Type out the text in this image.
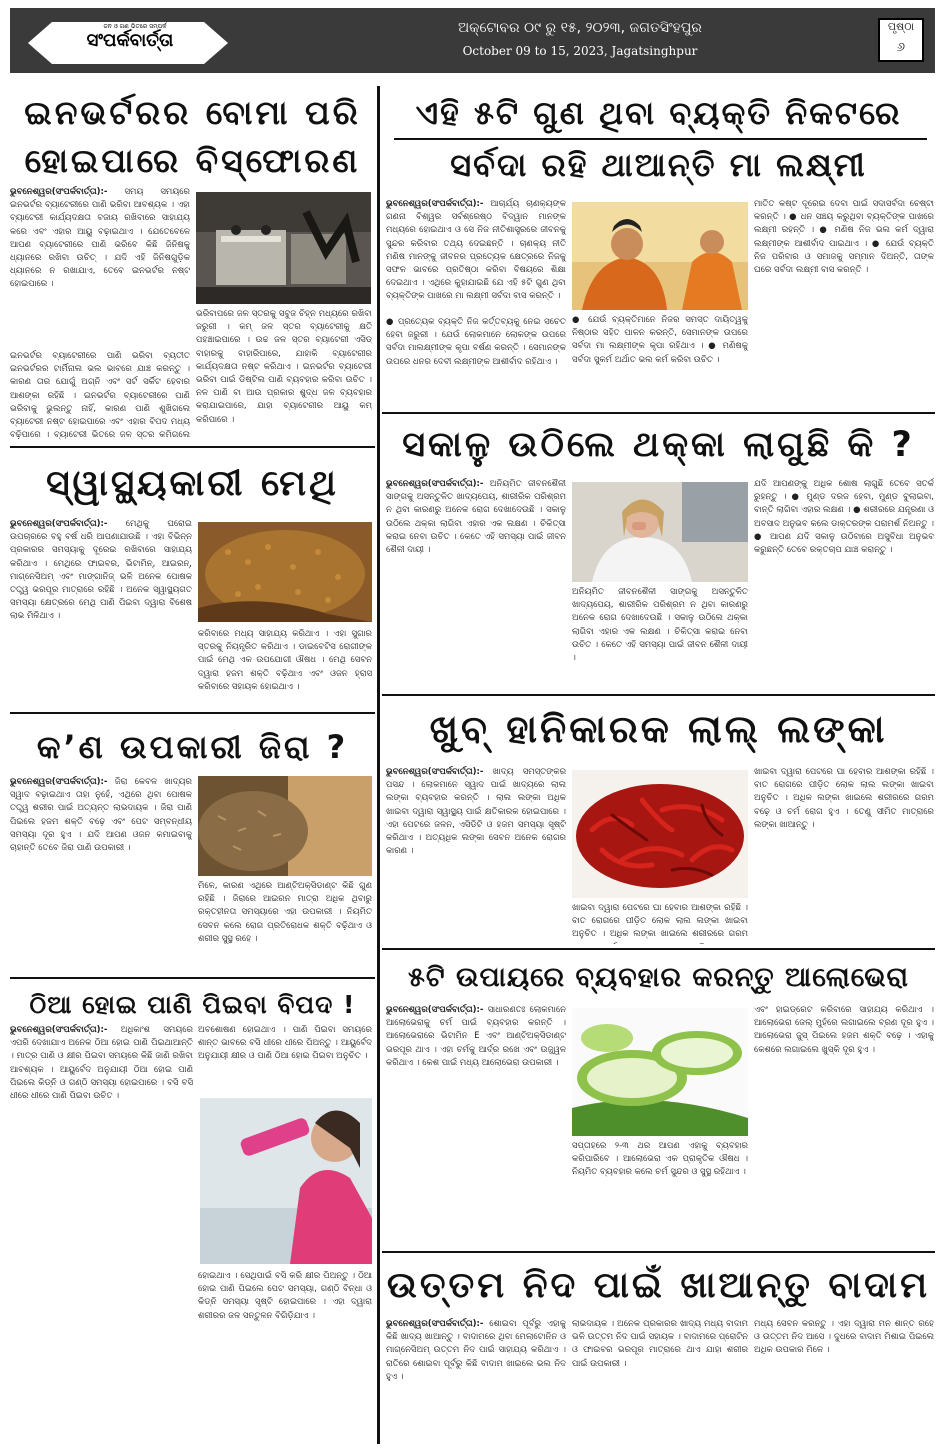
ଜନ ଓ ଗଣ ଭିତରେ ସମ୍ପର୍କ
ସଂପର୍କବାର୍ତ୍ତା
ଅକ୍ଟୋବର ୦୯ ରୁ ୧୫, ୨୦୨୩, ଜଗତସିଂହପୁର
October 09 to 15, 2023, Jagatsinghpur
ପୃଷ୍ଠା
୬
ଇନଭର୍ଟରର ବୋମା ପରି
ହୋଇପାରେ ବିସ୍ଫୋରଣ
ଭୁବନେଶ୍ୱର(ସଂପର୍କବାର୍ତ୍ତା):- ସମୟ ସମୟରେ ଇନଭର୍ଟର ବ୍ୟାଟେରୀରେ ପାଣି ଭରିବା ଆବଶ୍ୟକ । ଏହା ବ୍ୟାଟେରୀ କାର୍ଯ୍ୟଦକ୍ଷତା ବଜାୟ ରଖିବାରେ ସାହାଯ୍ୟ କରେ ଏବଂ ଏହାର ଆୟୁ ବଢ଼ାଇଥାଏ । ଯେତେବେଳେ ଆପଣ ବ୍ୟାଟେରୀରେ ପାଣି ଭରିବେ କିଛି ଜିନିଷକୁ ଧ୍ୟାନରେ ରଖିବା ଉଚିତ୍ । ଯଦି ଏହି ଜିନିଷଗୁଡ଼ିକ ଧ୍ୟାନରେ ନ ରଖାଯାଏ, ତେବେ ଇନଭର୍ଟର ନଷ୍ଟ ହୋଇପାରେ ।
ଇନଭର୍ଟର ବ୍ୟାଟେରୀରେ ପାଣି ଭରିବା ବ୍ୟତୀତ ଇନଭର୍ଟରର ଟାର୍ମିନାଲ ଭଲ ଭାବରେ ଯାଞ୍ଚ କରନ୍ତୁ । କାରଣ ତାର ଯୋଗୁଁ ଅଗ୍ନି ଏବଂ ସର୍ଟ ସର୍କିଟ ହେବାର ଆଶଙ୍କା ରହିଛି । ଇନଭର୍ଟର ବ୍ୟାଟେରୀରେ ପାଣି ଭରିବାକୁ ଭୁଲନ୍ତୁ ନାହିଁ, କାରଣ ପାଣି ଶୁଖିଗଲେ ବ୍ୟାଟେରୀ ନଷ୍ଟ ହୋଇପାରେ ଏବଂ ଏହାର ବିପଦ ମଧ୍ୟ ବଢ଼ିପାରେ । ବ୍ୟାଟେରୀ ଭିତରେ ଜଳ ସ୍ତର କମିଗଲେ
ଭରିବାପରେ ଜଳ ସ୍ତରକୁ ସବୁଜ ଚିହ୍ନ ମଧ୍ୟରେ ରଖିବା ଜରୁରୀ । କମ୍ ଜଳ ସ୍ତର ବ୍ୟାଟେରୀକୁ କ୍ଷତି ପହଞ୍ଚାଇପାରେ । ଉଚ୍ଚ ଜଳ ସ୍ତର ବ୍ୟାଟେରୀ ଏସିଡ୍ ବାହାରକୁ ବାହାରିପାରେ, ଯାହାକି ବ୍ୟାଟେରୀର କାର୍ଯ୍ୟଦକ୍ଷତା ନଷ୍ଟ କରିଥାଏ । ଇନଭର୍ଟର ବ୍ୟାଟେରୀ ଭରିବା ପାଇଁ ଡିଷ୍ଟିଲ ପାଣି ବ୍ୟବହାର କରିବା ଉଚିତ । ନଳ ପାଣି ବା ଆଉ ପ୍ରକାର ଶୁଦ୍ଧ ଜଳ ବ୍ୟବହାର କରାଯାଇପାରେ, ଯାହା ବ୍ୟାଟେରୀର ଆୟୁ କମ୍ କରିପାରେ ।
ସ୍ୱାସ୍ଥ୍ୟକାରୀ ମେଥି
ଭୁବନେଶ୍ୱର(ସଂପର୍କବାର୍ତ୍ତା):- ମେଥିକୁ ଘରୋଇ ଉପଚାରରେ ବହୁ ବର୍ଷ ଧରି ଆପଣାଯାଉଛି । ଏହା ବିଭିନ୍ନ ପ୍ରକାରର ସମସ୍ୟାକୁ ଦୂରେଇ ରଖିବାରେ ସାହାଯ୍ୟ କରିଥାଏ । ମେଥିରେ ଫାଇବର, ଭିଟାମିନ୍, ଆଇରନ୍, ମାଗ୍ନେସିଅମ୍ ଏବଂ ମାଙ୍ଗାନିଜ୍ ଭଳି ଅନେକ ପୋଷକ ତତ୍ତ୍ୱ ଭରପୂର ମାତ୍ରାରେ ରହିଛି । ଅନେକ ସ୍ୱାସ୍ଥ୍ୟଗତ ସମସ୍ୟା କ୍ଷେତ୍ରରେ ମେଥି ପାଣି ପିଇବା ଦ୍ୱାରା ବିଶେଷ ଲାଭ ମିଳିଥାଏ ।
କରିବାରେ ମଧ୍ୟ ସାହାଯ୍ୟ କରିଥାଏ । ଏହା ସୁଗାର ସ୍ତରକୁ ନିୟନ୍ତ୍ରିତ କରିଥାଏ । ଡାଇବେଟିସ ରୋଗୀଙ୍କ ପାଇଁ ମେଥି ଏକ ଉପଯୋଗୀ ଔଷଧ । ମେଥି ସେବନ ଦ୍ୱାରା ହଜମ ଶକ୍ତି ବଢ଼ିଥାଏ ଏବଂ ଓଜନ ହ୍ରାସ କରିବାରେ ସହାୟକ ହୋଇଥାଏ ।
କ’ଣ ଉପକାରୀ ଜିରା ?
ଭୁବନେଶ୍ୱର(ସଂପର୍କବାର୍ତ୍ତା):- ଜିରା କେବଳ ଖାଦ୍ୟର ସ୍ୱାଦ ବଢ଼ାଇଥାଏ ତାହା ନୁହେଁ, ଏଥିରେ ଥିବା ପୋଷକ ତତ୍ତ୍ୱ ଶରୀର ପାଇଁ ଅତ୍ୟନ୍ତ ଲାଭଦାୟକ । ଜିରା ପାଣି ପିଇଲେ ହଜମ ଶକ୍ତି ବଢ଼େ ଏବଂ ପେଟ ସମ୍ବନ୍ଧୀୟ ସମସ୍ୟା ଦୂର ହୁଏ । ଯଦି ଆପଣ ଓଜନ କମାଇବାକୁ ଚାହାନ୍ତି ତେବେ ଜିରା ପାଣି ଉପକାରୀ ।
ମିଳେ, କାରଣ ଏଥିରେ ଆଣ୍ଟିଅକ୍ସିଡାଣ୍ଟ କିଛି ଗୁଣ ରହିଛି । ଜିରାରେ ଆଇରନ ମାତ୍ରା ଅଧିକ ଥିବାରୁ ରକ୍ତହୀନତା ସମସ୍ୟାରେ ଏହା ଉପକାରୀ । ନିୟମିତ ସେବନ କଲେ ରୋଗ ପ୍ରତିରୋଧକ ଶକ୍ତି ବଢ଼ିଥାଏ ଓ ଶରୀର ସୁସ୍ଥ ରହେ ।
ଠିଆ ହୋଇ ପାଣି ପିଇବା ବିପଦ !
ଭୁବନେଶ୍ୱର(ସଂପର୍କବାର୍ତ୍ତା):- ଅଧିକାଂଶ ସମୟରେ ଏପରି ଦେଖାଯାଏ ଅନେକ ଠିଆ ହୋଇ ପାଣି ପିଇଥାଆନ୍ତି । ମାତ୍ର ପାଣି ଓ କ୍ଷୀର ପିଇବା ସମୟରେ କିଛି ଜାଣି ରଖିବା ଆବଶ୍ୟକ । ଆୟୁର୍ବେଦ ଅନୁଯାୟୀ ଠିଆ ହୋଇ ପାଣି ପିଇଲେ କିଡ୍ନି ଓ ଗଣ୍ଠି ସମସ୍ୟା ହୋଇପାରେ । ବସି ବସି ଧୀରେ ଧୀରେ ପାଣି ପିଇବା ଉଚିତ ।
ଅବଶୋଷଣ ହୋଇଥାଏ । ପାଣି ପିଇବା ସମୟରେ ଶାନ୍ତ ଭାବରେ ବସି ଧୀରେ ଧୀରେ ପିଅନ୍ତୁ । ଆୟୁର୍ବେଦ ଅନୁଯାୟୀ କ୍ଷୀର ଓ ପାଣି ଠିଆ ହୋଇ ପିଇବା ଅନୁଚିତ ।
ହୋଇଥାଏ । ସେଥିପାଇଁ ବସି କରି କ୍ଷୀର ପିଅନ୍ତୁ । ଠିଆ ହୋଇ ପାଣି ପିଇଲେ ପେଟ ସମସ୍ୟା, ଗଣ୍ଠି ବିନ୍ଧା ଓ କିଡ୍ନି ସମସ୍ୟା ସୃଷ୍ଟି ହୋଇପାରେ । ଏହା ଦ୍ୱାରା ଶରୀରର ଜଳ ସନ୍ତୁଳନ ବିଗିଡ଼ିଯାଏ ।
ଏହି ୫ଟି ଗୁଣ ଥିବା ବ୍ୟକ୍ତି ନିକଟରେ
ସର୍ବଦା ରହି ଥାଆନ୍ତି ମା ଲକ୍ଷ୍ମୀ
ଭୁବନେଶ୍ୱର(ସଂପର୍କବାର୍ତ୍ତା):- ଆଚାର୍ଯ୍ୟ ଚାଣକ୍ୟଙ୍କ ଗଣନା ବିଶ୍ୱର ସର୍ବଶ୍ରେଷ୍ଠ ବିଦ୍ୱାନ ମାନଙ୍କ ମଧ୍ୟରେ ହୋଇଥାଏ ଓ ସେ ନିଜ ନୀତିଶାସ୍ତ୍ରରେ ଜୀବନକୁ ସୁନ୍ଦର କରିବାର ତଥ୍ୟ ଦେଇଛନ୍ତି । ଚାଣକ୍ୟ ନୀତି ମଣିଷ ମାନଙ୍କୁ ଜୀବନର ପ୍ରତ୍ୟେକ କ୍ଷେତ୍ରରେ ନିଜକୁ ସଫଳ ଭାବରେ ପ୍ରତିଷ୍ଠା କରିବା ବିଷୟରେ ଶିକ୍ଷା ଦେଇଥାଏ । ଏଥିରେ କୁହାଯାଇଛି ଯେ ଏହି ୫ଟି ଗୁଣ ଥିବା ବ୍ୟକ୍ତିଙ୍କ ପାଖରେ ମା ଲକ୍ଷ୍ମୀ ସର୍ବଦା ବାସ କରନ୍ତି ।
● ପ୍ରତ୍ୟେକ ବ୍ୟକ୍ତି ନିଜ କର୍ତ୍ତବ୍ୟକୁ ନେଇ ସଚେତ ହେବା ଜରୁରୀ । ଯେଉଁ ଲୋକମାନେ ଲୋକଙ୍କ ଉପରେ ସର୍ବଦା ମାଲକ୍ଷ୍ମୀଙ୍କ କୃପା ବର୍ଷଣ କରନ୍ତି । ସେମାନଙ୍କ ଉପରେ ଧନର ଦେବୀ ଲକ୍ଷ୍ମୀଙ୍କ ଆଶୀର୍ବାଦ ରହିଥାଏ ।
● ଯେଉଁ ବ୍ୟକ୍ତିମାନେ ନିଜର ସମସ୍ତ ଦାୟିତ୍ୱକୁ ନିଷ୍ଠାର ସହିତ ପାଳନ କରନ୍ତି, ସେମାନଙ୍କ ଉପରେ ସର୍ବଦା ମା ଲକ୍ଷ୍ମୀଙ୍କ କୃପା ରହିଥାଏ । ● ମଣିଷକୁ ସର୍ବଦା ସୁକର୍ମ ଅର୍ଥାତ ଭଲ କର୍ମ କରିବା ଉଚିତ ।
ମାତିତ କଷ୍ଟ ଦୂରେଇ ଦେବା ପାଇଁ ସଦାସର୍ବଦା ଚେଷ୍ଟା କରନ୍ତି । ● ଧନ ସଞ୍ଚୟ କରୁଥିବା ବ୍ୟକ୍ତିଙ୍କ ପାଖରେ ଲକ୍ଷ୍ମୀ ରହନ୍ତି । ● ମଣିଷ ନିଜ ଭଲ କର୍ମ ଦ୍ୱାରା ଲକ୍ଷ୍ମୀଙ୍କ ଆଶୀର୍ବାଦ ପାଇଥାଏ । ● ଯେଉଁ ବ୍ୟକ୍ତି ନିଜ ପରିବାର ଓ ସମାଜକୁ ସମ୍ମାନ ଦିଅନ୍ତି, ତାଙ୍କ ଘରେ ସର୍ବଦା ଲକ୍ଷ୍ମୀ ବାସ କରନ୍ତି ।
ସକାଳୁ ଉଠିଲେ ଥକ୍କା ଲାଗୁଛି କି ?
ଭୁବନେଶ୍ୱର(ସଂପର୍କବାର୍ତ୍ତା):- ଅନିୟମିତ ଜୀବନଶୈଳୀ ସାଙ୍ଗକୁ ଅସନ୍ତୁଳିତ ଖାଦ୍ୟପେୟ, ଶାରୀରିକ ପରିଶ୍ରମ ନ ଥିବା କାରଣରୁ ଅନେକ ରୋଗ ଦେଖାଦେଉଛି । ସକାଳୁ ଉଠିଲେ ଥକ୍କା ଲାଗିବା ଏହାର ଏକ ଲକ୍ଷଣ । ଚିକିତ୍ସା କରାଇ ନେବା ଉଚିତ । କେତେ ଏହି ସମସ୍ୟା ପାଇଁ ଜୀବନ ଶୈଳୀ ଦାୟୀ ।
ଅନିୟମିତ ଜୀବନଶୈଳୀ ସାଙ୍ଗକୁ ଅସନ୍ତୁଳିତ ଖାଦ୍ୟପେୟ, ଶାରୀରିକ ପରିଶ୍ରମ ନ ଥିବା କାରଣରୁ ଅନେକ ରୋଗ ଦେଖାଦେଉଛି । ସକାଳୁ ଉଠିଲେ ଥକ୍କା ଲାଗିବା ଏହାର ଏକ ଲକ୍ଷଣ । ଚିକିତ୍ସା କରାଇ ନେବା ଉଚିତ । କେତେ ଏହି ସମସ୍ୟା ପାଇଁ ଜୀବନ ଶୈଳୀ ଦାୟୀ ।
ଯଦି ଆପଣଙ୍କୁ ଅଧିକ ଶୋଷ ଲାଗୁଛି ତେବେ ସତର୍କ ରୁହନ୍ତୁ । ● ମୁଣ୍ଡ ଦରଜ ହେବା, ମୁଣ୍ଡ ବୁଲାଇବା, ବାନ୍ତି ଲାଗିବା ଏହାର ଲକ୍ଷଣ । ● ଶରୀରରେ ଯନ୍ତ୍ରଣା ଓ ଅବସାଦ ଅନୁଭବ କଲେ ଡାକ୍ତରଙ୍କ ପରାମର୍ଶ ନିଅନ୍ତୁ । ● ଆପଣ ଯଦି ସକାଳୁ ଉଠିବାରେ ଅସୁବିଧା ଅନୁଭବ କରୁଛନ୍ତି ତେବେ ରକ୍ତଚାପ ଯାଞ୍ଚ କରାନ୍ତୁ ।
ଖୁବ୍ ହାନିକାରକ ଲାଲ୍ ଲଙ୍କା
ଭୁବନେଶ୍ୱର(ସଂପର୍କବାର୍ତ୍ତା):- ଖାଦ୍ୟ ସମସ୍ତଙ୍କର ପସନ୍ଦ । ଲୋକମାନେ ସ୍ୱାଦ ପାଇଁ ଖାଦ୍ୟରେ ଲାଲ ଲଙ୍କା ବ୍ୟବହାର କରନ୍ତି । ଲାଲ ଲଙ୍କା ଅଧିକ ଖାଇବା ଦ୍ୱାରା ସ୍ୱାସ୍ଥ୍ୟ ପାଇଁ କ୍ଷତିକାରକ ହୋଇପାରେ । ଏହା ପେଟରେ ଜଳନ, ଏସିଡିଟି ଓ ହଜମ ସମସ୍ୟା ସୃଷ୍ଟି କରିଥାଏ । ଅତ୍ୟଧିକ ଲଙ୍କା ସେବନ ଅନେକ ରୋଗର କାରଣ ।
ଖାଇବା ଦ୍ୱାରା ପେଟରେ ଘା ହେବାର ଆଶଙ୍କା ରହିଛି । ବାତ ରୋଗରେ ପୀଡ଼ିତ ଲୋକ ଲାଲ ଲଙ୍କା ଖାଇବା ଅନୁଚିତ । ଅଧିକ ଲଙ୍କା ଖାଇଲେ ଶରୀରରେ ଗରମ
ଖାଇବା ଦ୍ୱାରା ପେଟରେ ଘା ହେବାର ଆଶଙ୍କା ରହିଛି । ବାତ ରୋଗରେ ପୀଡ଼ିତ ଲୋକ ଲାଲ ଲଙ୍କା ଖାଇବା ଅନୁଚିତ । ଅଧିକ ଲଙ୍କା ଖାଇଲେ ଶରୀରରେ ଗରମ ବଢ଼େ ଓ ଚର୍ମ ରୋଗ ହୁଏ । ତେଣୁ ସୀମିତ ମାତ୍ରାରେ ଲଙ୍କା ଖାଆନ୍ତୁ ।
୫ଟି ଉପାୟରେ ବ୍ୟବହାର କରନ୍ତୁ ଆଲୋଭେରା
ଭୁବନେଶ୍ୱର(ସଂପର୍କବାର୍ତ୍ତା):- ସାଧାରଣତଃ ଲୋକମାନେ ଆଲୋଭେରାକୁ ଚର୍ମ ପାଇଁ ବ୍ୟବହାର କରନ୍ତି । ଆଲୋଭେରାରେ ଭିଟାମିନ E ଏବଂ ଆଣ୍ଟିଅକ୍ସିଡାଣ୍ଟ ଭରପୂର ଥାଏ । ଏହା ଚର୍ମକୁ ଆର୍ଦ୍ର ରଖେ ଏବଂ ଉଜ୍ଜ୍ୱଳ କରିଥାଏ । କେଶ ପାଇଁ ମଧ୍ୟ ଆଲୋଭେରା ଉପକାରୀ ।
ସପ୍ତାହରେ ୨-୩ ଥର ଆପଣ ଏହାକୁ ବ୍ୟବହାର କରିପାରିବେ । ଆଲୋଭେରା ଏକ ପ୍ରାକୃତିକ ଔଷଧ । ନିୟମିତ ବ୍ୟବହାର କଲେ ଚର୍ମ ସୁନ୍ଦର ଓ ସୁସ୍ଥ ରହିଥାଏ ।
ଏବଂ ହାଇଡ୍ରେଟ କରିବାରେ ସାହାଯ୍ୟ କରିଥାଏ । ଆଲୋଭେରା ଜେଲ୍ ମୁହଁରେ ଲଗାଇଲେ ବ୍ରଣ ଦୂର ହୁଏ । ଆଲୋଭେରା ଜୁସ୍ ପିଇଲେ ହଜମ ଶକ୍ତି ବଢ଼େ । ଏହାକୁ କେଶରେ ଲଗାଇଲେ ଖୁସ୍କି ଦୂର ହୁଏ ।
ଉତ୍ତମ ନିଦ ପାଇଁ ଖାଆନ୍ତୁ ବାଦାମ
ଭୁବନେଶ୍ୱର(ସଂପର୍କବାର୍ତ୍ତା):- ଶୋଇବା ପୂର୍ବରୁ ଏହାକୁ କିଛି ଖାଦ୍ୟ ଖାଆନ୍ତୁ । ବାଦାମରେ ଥିବା ମେଲାଟୋନିନ ଓ ମାଗ୍ନେସିଅମ୍ ଉତ୍ତମ ନିଦ ପାଇଁ ସାହାଯ୍ୟ କରିଥାଏ । ରାତିରେ ଶୋଇବା ପୂର୍ବରୁ କିଛି ବାଦାମ ଖାଇଲେ ଭଲ ନିଦ ହୁଏ ।
ଲାଭଦାୟକ । ଅନେକ ପ୍ରକାରର ଖାଦ୍ୟ ମଧ୍ୟ ବାଦାମ ଭଳି ଉତ୍ତମ ନିଦ ପାଇଁ ସହାୟକ । ବାଦାମରେ ପ୍ରୋଟିନ ଓ ଫାଇବର ଭରପୂର ମାତ୍ରାରେ ଥାଏ ଯାହା ଶରୀର ପାଇଁ ଉପକାରୀ ।
ମଧ୍ୟ ସେବନ କରନ୍ତୁ । ଏହା ଦ୍ୱାରା ମନ ଶାନ୍ତ ରହେ ଓ ଉତ୍ତମ ନିଦ ଆସେ । ଦୁଧରେ ବାଦାମ ମିଶାଇ ପିଇଲେ ଅଧିକ ଉପକାର ମିଳେ ।
